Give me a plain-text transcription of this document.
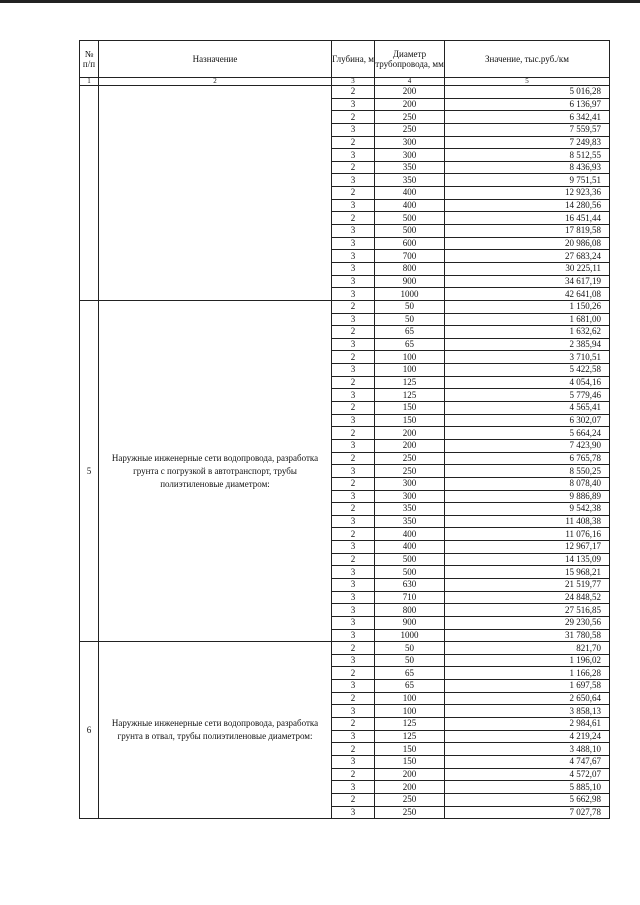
№ п/п	Назначение	Глубина, м	Диаметр трубопровода, мм	Значение, тыс.руб./км
1	2	3	4	5
		2	200	5 016,28
		3	200	6 136,97
		2	250	6 342,41
		3	250	7 559,57
		2	300	7 249,83
		3	300	8 512,55
		2	350	8 436,93
		3	350	9 751,51
		2	400	12 923,36
		3	400	14 280,56
		2	500	16 451,44
		3	500	17 819,58
		3	600	20 986,08
		3	700	27 683,24
		3	800	30 225,11
		3	900	34 617,19
		3	1000	42 641,08
5	Наружные инженерные сети водопровода, разработка грунта с погрузкой в автотранспорт, трубы полиэтиленовые диаметром:	2	50	1 150,26
		3	50	1 681,00
		2	65	1 632,62
		3	65	2 385,94
		2	100	3 710,51
		3	100	5 422,58
		2	125	4 054,16
		3	125	5 779,46
		2	150	4 565,41
		3	150	6 302,07
		2	200	5 664,24
		3	200	7 423,90
		2	250	6 765,78
		3	250	8 550,25
		2	300	8 078,40
		3	300	9 886,89
		2	350	9 542,38
		3	350	11 408,38
		2	400	11 076,16
		3	400	12 967,17
		2	500	14 135,09
		3	500	15 968,21
		3	630	21 519,77
		3	710	24 848,52
		3	800	27 516,85
		3	900	29 230,56
		3	1000	31 780,58
6	Наружные инженерные сети водопровода, разработка грунта в отвал, трубы полиэтиленовые диаметром:	2	50	821,70
		3	50	1 196,02
		2	65	1 166,28
		3	65	1 697,58
		2	100	2 650,64
		3	100	3 858,13
		2	125	2 984,61
		3	125	4 219,24
		2	150	3 488,10
		3	150	4 747,67
		2	200	4 572,07
		3	200	5 885,10
		2	250	5 662,98
		3	250	7 027,78
